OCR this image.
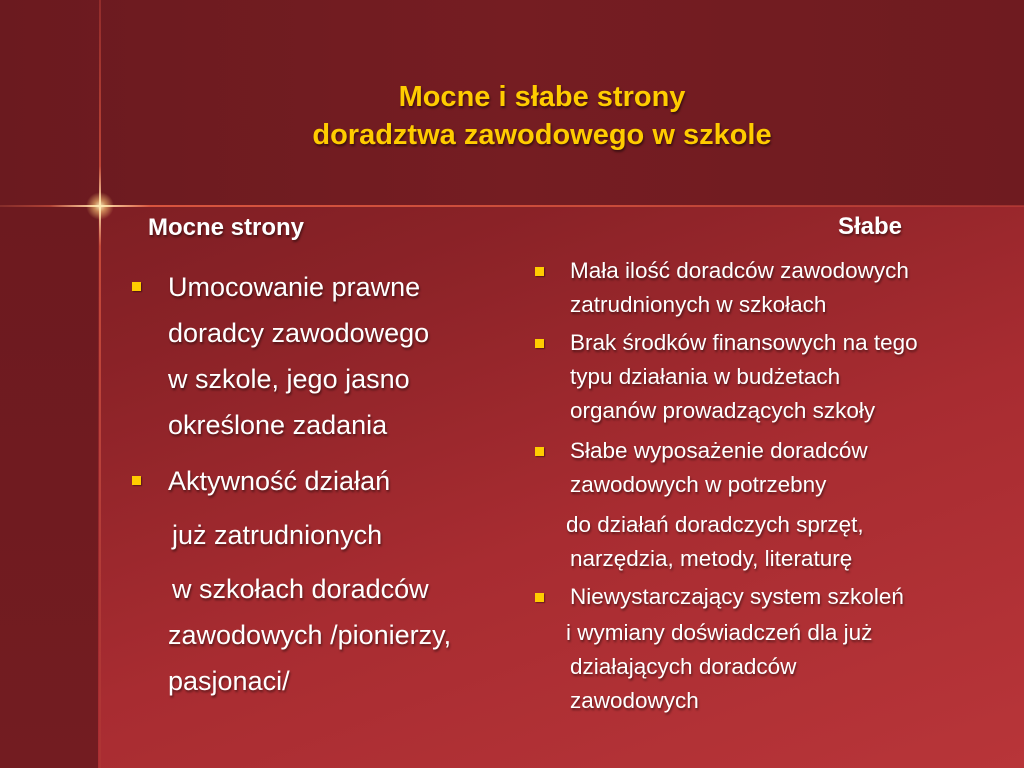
Mocne i słabe strony
doradztwa zawodowego w szkole
Mocne strony	Słabe
Umocowanie prawne
doradcy zawodowego
w szkole, jego jasno
określone zadania
Aktywność działań
już zatrudnionych
w szkołach doradców
zawodowych /pionierzy,
pasjonaci/
Mała ilość doradców zawodowych
zatrudnionych w szkołach
Brak środków finansowych na tego
typu działania w budżetach
organów prowadzących szkoły
Słabe wyposażenie doradców
zawodowych w potrzebny
do działań doradczych sprzęt,
narzędzia, metody, literaturę
Niewystarczający system szkoleń
i wymiany doświadczeń dla już
działających doradców
zawodowych
